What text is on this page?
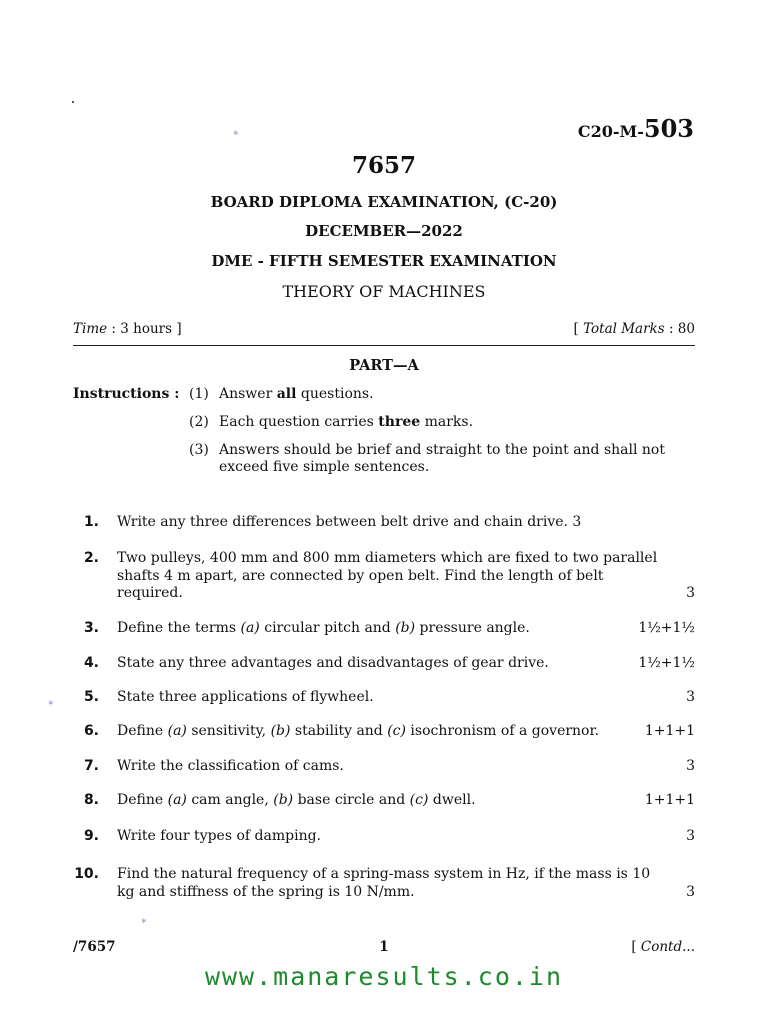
✶
✶
✶
C20-M-503
7657
BOARD DIPLOMA EXAMINATION, (C-20)
DECEMBER—2022
DME - FIFTH SEMESTER EXAMINATION
THEORY OF MACHINES
Time : 3 hours ]	[ Total Marks : 80
PART—A
Instructions : (1) Answer all questions.
(2) Each question carries three marks.
(3) Answers should be brief and straight to the point and shall not exceed five simple sentences.
1. Write any three differences between belt drive and chain drive. 3
2. Two pulleys, 400 mm and 800 mm diameters which are fixed to two parallel shafts 4 m apart, are connected by open belt. Find the length of belt required.	3
3. Define the terms (a) circular pitch and (b) pressure angle.	1½+1½
4. State any three advantages and disadvantages of gear drive.	1½+1½
5. State three applications of flywheel.	3
6. Define (a) sensitivity, (b) stability and (c) isochronism of a governor.	1+1+1
7. Write the classification of cams.	3
8. Define (a) cam angle, (b) base circle and (c) dwell.	1+1+1
9. Write four types of damping.	3
10. Find the natural frequency of a spring-mass system in Hz, if the mass is 10 kg and stiffness of the spring is 10 N/mm.	3
/7657	1	[ Contd...
www.manaresults.co.in
